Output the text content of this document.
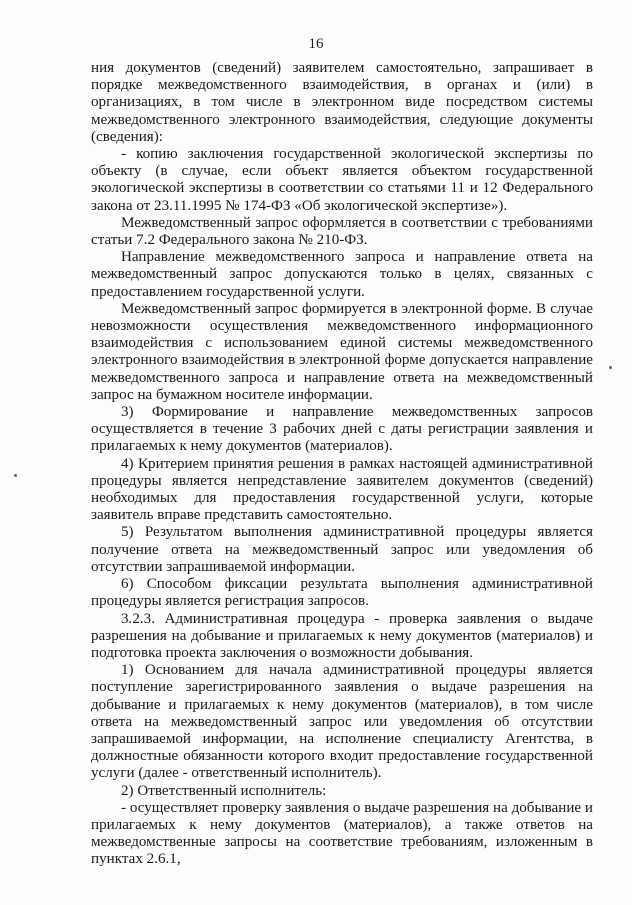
16

ния документов (сведений) заявителем самостоятельно, запрашивает в порядке межведомственного взаимодействия, в органах и (или) в организациях, в том числе в электронном виде посредством системы межведомственного электронного взаимодействия, следующие документы (сведения):

- копию заключения государственной экологической экспертизы по объекту (в случае, если объект является объектом государственной экологической экспертизы в соответствии со статьями 11 и 12 Федерального закона от 23.11.1995 № 174-ФЗ «Об экологической экспертизе»).

Межведомственный запрос оформляется в соответствии с требованиями статьи 7.2 Федерального закона № 210-ФЗ.

Направление межведомственного запроса и направление ответа на межведомственный запрос допускаются только в целях, связанных с предоставлением государственной услуги.

Межведомственный запрос формируется в электронной форме. В случае невозможности осуществления межведомственного информационного взаимодействия с использованием единой системы межведомственного электронного взаимодействия в электронной форме допускается направление межведомственного запроса и направление ответа на межведомственный запрос на бумажном носителе информации.

3) Формирование и направление межведомственных запросов осуществляется в течение 3 рабочих дней с даты регистрации заявления и прилагаемых к нему документов (материалов).

4) Критерием принятия решения в рамках настоящей административной процедуры является непредставление заявителем документов (сведений) необходимых для предоставления государственной услуги, которые заявитель вправе представить самостоятельно.

5) Результатом выполнения административной процедуры является получение ответа на межведомственный запрос или уведомления об отсутствии запрашиваемой информации.

6) Способом фиксации результата выполнения административной процедуры является регистрация запросов.

3.2.3. Административная процедура - проверка заявления о выдаче разрешения на добывание и прилагаемых к нему документов (материалов) и подготовка проекта заключения о возможности добывания.

1) Основанием для начала административной процедуры является поступление зарегистрированного заявления о выдаче разрешения на добывание и прилагаемых к нему документов (материалов), в том числе ответа на межведомственный запрос или уведомления об отсутствии запрашиваемой информации, на исполнение специалисту Агентства, в должностные обязанности которого входит предоставление государственной услуги (далее - ответственный исполнитель).

2) Ответственный исполнитель:

- осуществляет проверку заявления о выдаче разрешения на добывание и прилагаемых к нему документов (материалов), а также ответов на межведомственные запросы на соответствие требованиям, изложенным в пунктах 2.6.1,
